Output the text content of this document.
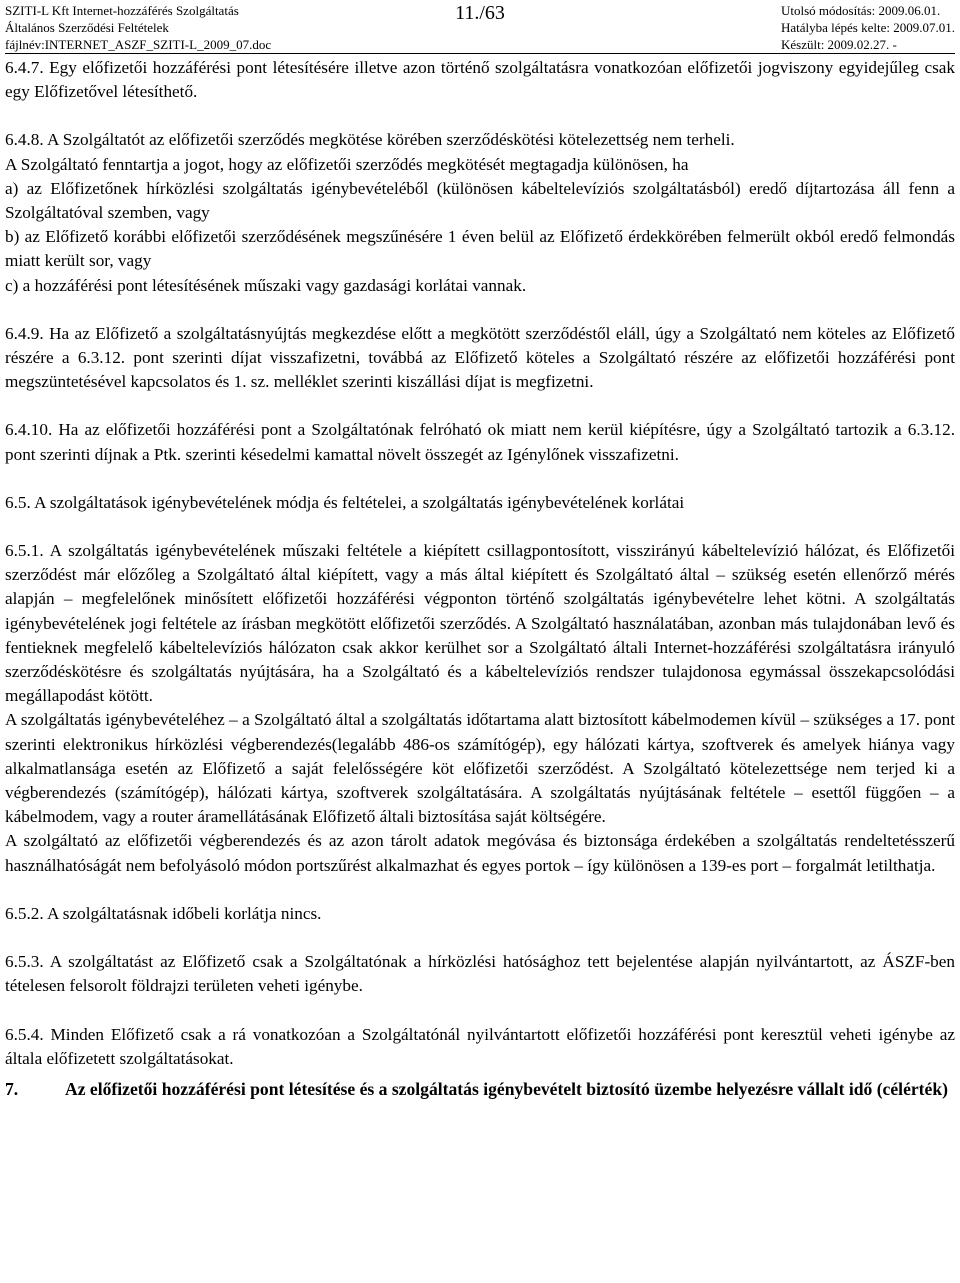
SZITI-L Kft Internet-hozzáférés Szolgáltatás
Általános Szerződési Feltételek
fájlnév:INTERNET_ASZF_SZITI-L_2009_07.doc
11./63	Utolsó módosítás: 2009.06.01.
Hatályba lépés kelte: 2009.07.01.
Készült: 2009.02.27. -

6.4.7. Egy előfizetői hozzáférési pont létesítésére illetve azon történő szolgáltatásra vonatkozóan előfizetői jogviszony egyidejűleg csak egy Előfizetővel létesíthető.

6.4.8. A Szolgáltatót az előfizetői szerződés megkötése körében szerződéskötési kötelezettség nem terheli.

A Szolgáltató fenntartja a jogot, hogy az előfizetői szerződés megkötését megtagadja különösen, ha

a) az Előfizetőnek hírközlési szolgáltatás igénybevételéből (különösen kábeltelevíziós szolgáltatásból) eredő díjtartozása áll fenn a Szolgáltatóval szemben, vagy

b) az Előfizető korábbi előfizetői szerződésének megszűnésére 1 éven belül az Előfizető érdekkörében felmerült okból eredő felmondás miatt került sor, vagy

c) a hozzáférési pont létesítésének műszaki vagy gazdasági korlátai vannak.

6.4.9. Ha az Előfizető a szolgáltatásnyújtás megkezdése előtt a megkötött szerződéstől eláll, úgy a Szolgáltató nem köteles az Előfizető részére a 6.3.12. pont szerinti díjat visszafizetni, továbbá az Előfizető köteles a Szolgáltató részére az előfizetői hozzáférési pont megszüntetésével kapcsolatos és 1. sz. melléklet szerinti kiszállási díjat is megfizetni.

6.4.10. Ha az előfizetői hozzáférési pont a Szolgáltatónak felróható ok miatt nem kerül kiépítésre, úgy a Szolgáltató tartozik a 6.3.12. pont szerinti díjnak a Ptk. szerinti késedelmi kamattal növelt összegét az Igénylőnek visszafizetni.

6.5. A szolgáltatások igénybevételének módja és feltételei, a szolgáltatás igénybevételének korlátai

6.5.1. A szolgáltatás igénybevételének műszaki feltétele a kiépített csillagpontosított, visszirányú kábeltelevízió hálózat, és Előfizetői szerződést már előzőleg a Szolgáltató által kiépített, vagy a más által kiépített és Szolgáltató által – szükség esetén ellenőrző mérés alapján – megfelelőnek minősített előfizetői hozzáférési végponton történő szolgáltatás igénybevételre lehet kötni. A szolgáltatás igénybevételének jogi feltétele az írásban megkötött előfizetői szerződés. A Szolgáltató használatában, azonban más tulajdonában levő és fentieknek megfelelő kábeltelevíziós hálózaton csak akkor kerülhet sor a Szolgáltató általi Internet-hozzáférési szolgáltatásra irányuló szerződéskötésre és szolgáltatás nyújtására, ha a Szolgáltató és a kábeltelevíziós rendszer tulajdonosa egymással összekapcsolódási megállapodást kötött.

A szolgáltatás igénybevételéhez – a Szolgáltató által a szolgáltatás időtartama alatt biztosított kábelmodemen kívül – szükséges a 17. pont szerinti elektronikus hírközlési végberendezés(legalább 486-os számítógép), egy hálózati kártya, szoftverek és amelyek hiánya vagy alkalmatlansága esetén az Előfizető a saját felelősségére köt előfizetői szerződést. A Szolgáltató kötelezettsége nem terjed ki a végberendezés (számítógép), hálózati kártya, szoftverek szolgáltatására. A szolgáltatás nyújtásának feltétele – esettől függően – a kábelmodem, vagy a router áramellátásának Előfizető általi biztosítása saját költségére.

A szolgáltató az előfizetői végberendezés és az azon tárolt adatok megóvása és biztonsága érdekében a szolgáltatás rendeltetésszerű használhatóságát nem befolyásoló módon portszűrést alkalmazhat és egyes portok – így különösen a 139-es port – forgalmát letilthatja.

6.5.2. A szolgáltatásnak időbeli korlátja nincs.

6.5.3. A szolgáltatást az Előfizető csak a Szolgáltatónak a hírközlési hatósághoz tett bejelentése alapján nyilvántartott, az ÁSZF-ben tételesen felsorolt földrajzi területen veheti igénybe.

6.5.4. Minden Előfizető csak a rá vonatkozóan a Szolgáltatónál nyilvántartott előfizetői hozzáférési pont keresztül veheti igénybe az általa előfizetett szolgáltatásokat.

7.	Az előfizetői hozzáférési pont létesítése és a szolgáltatás igénybevételt biztosító üzembe helyezésre vállalt idő (célérték)
